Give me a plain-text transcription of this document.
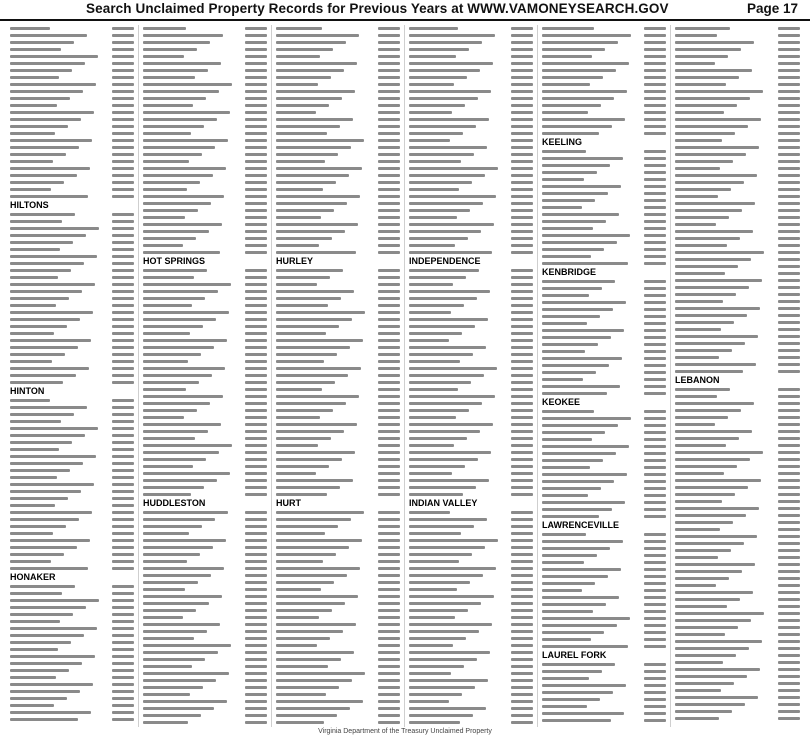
Search Unclaimed Property Records for Previous Years at WWW.VAMONEYSEARCH.GOV	Page 17
HILTONS
HINTON
HONAKER
HOT SPRINGS
HUDDLESTON
HURLEY
HURT
INDEPENDENCE
INDIAN VALLEY
KEELING
KENBRIDGE
KEOKEE
LAWRENCEVILLE
LAUREL FORK
LEBANON
Virginia Department of the Treasury Unclaimed Property
